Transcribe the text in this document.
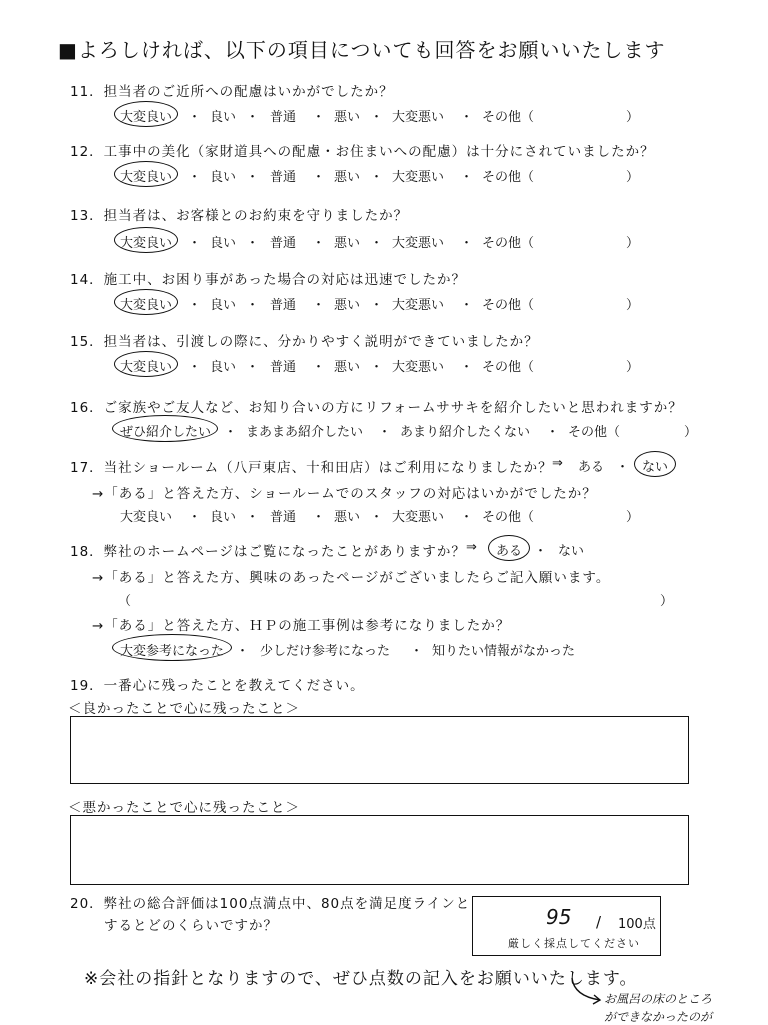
■よろしければ、以下の項目についても回答をお願いいたします
11．担当者のご近所への配慮はいかがでしたか？
大変良い ・ 良い ・ 普通 ・ 悪い ・ 大変悪い ・ その他（	）
12．工事中の美化（家財道具への配慮・お住まいへの配慮）は十分にされていましたか？
大変良い ・ 良い ・ 普通 ・ 悪い ・ 大変悪い ・ その他（	）
13．担当者は、お客様とのお約束を守りましたか？
大変良い ・ 良い ・ 普通 ・ 悪い ・ 大変悪い ・ その他（	）
14．施工中、お困り事があった場合の対応は迅速でしたか？
大変良い ・ 良い ・ 普通 ・ 悪い ・ 大変悪い ・ その他（	）
15．担当者は、引渡しの際に、分かりやすく説明ができていましたか？
大変良い ・ 良い ・ 普通 ・ 悪い ・ 大変悪い ・ その他（	）
16．ご家族やご友人など、お知り合いの方にリフォームササキを紹介したいと思われますか？
ぜひ紹介したい ・ まあまあ紹介したい ・ あまり紹介したくない ・ その他（	）
17．当社ショールーム（八戸東店、十和田店）はご利用になりましたか？ ⇒ ある ・ ない
→「ある」と答えた方、ショールームでのスタッフの対応はいかがでしたか？
大変良い ・ 良い ・ 普通 ・ 悪い ・ 大変悪い ・ その他（	）
18．弊社のホームページはご覧になったことがありますか？ ⇒ ある ・ ない
→「ある」と答えた方、興味のあったページがございましたらご記入願います。
（	）
→「ある」と答えた方、ＨＰの施工事例は参考になりましたか？
大変参考になった ・ 少しだけ参考になった ・ 知りたい情報がなかった
19．一番心に残ったことを教えてください。
＜良かったことで心に残ったこと＞
＜悪かったことで心に残ったこと＞
20．弊社の総合評価は100点満点中、80点を満足度ラインと
するとどのくらいですか？	95 / 100点
厳しく採点してください
※会社の指針となりますので、ぜひ点数の記入をお願いいたします。
お風呂の床のところ
ができなかったのが
